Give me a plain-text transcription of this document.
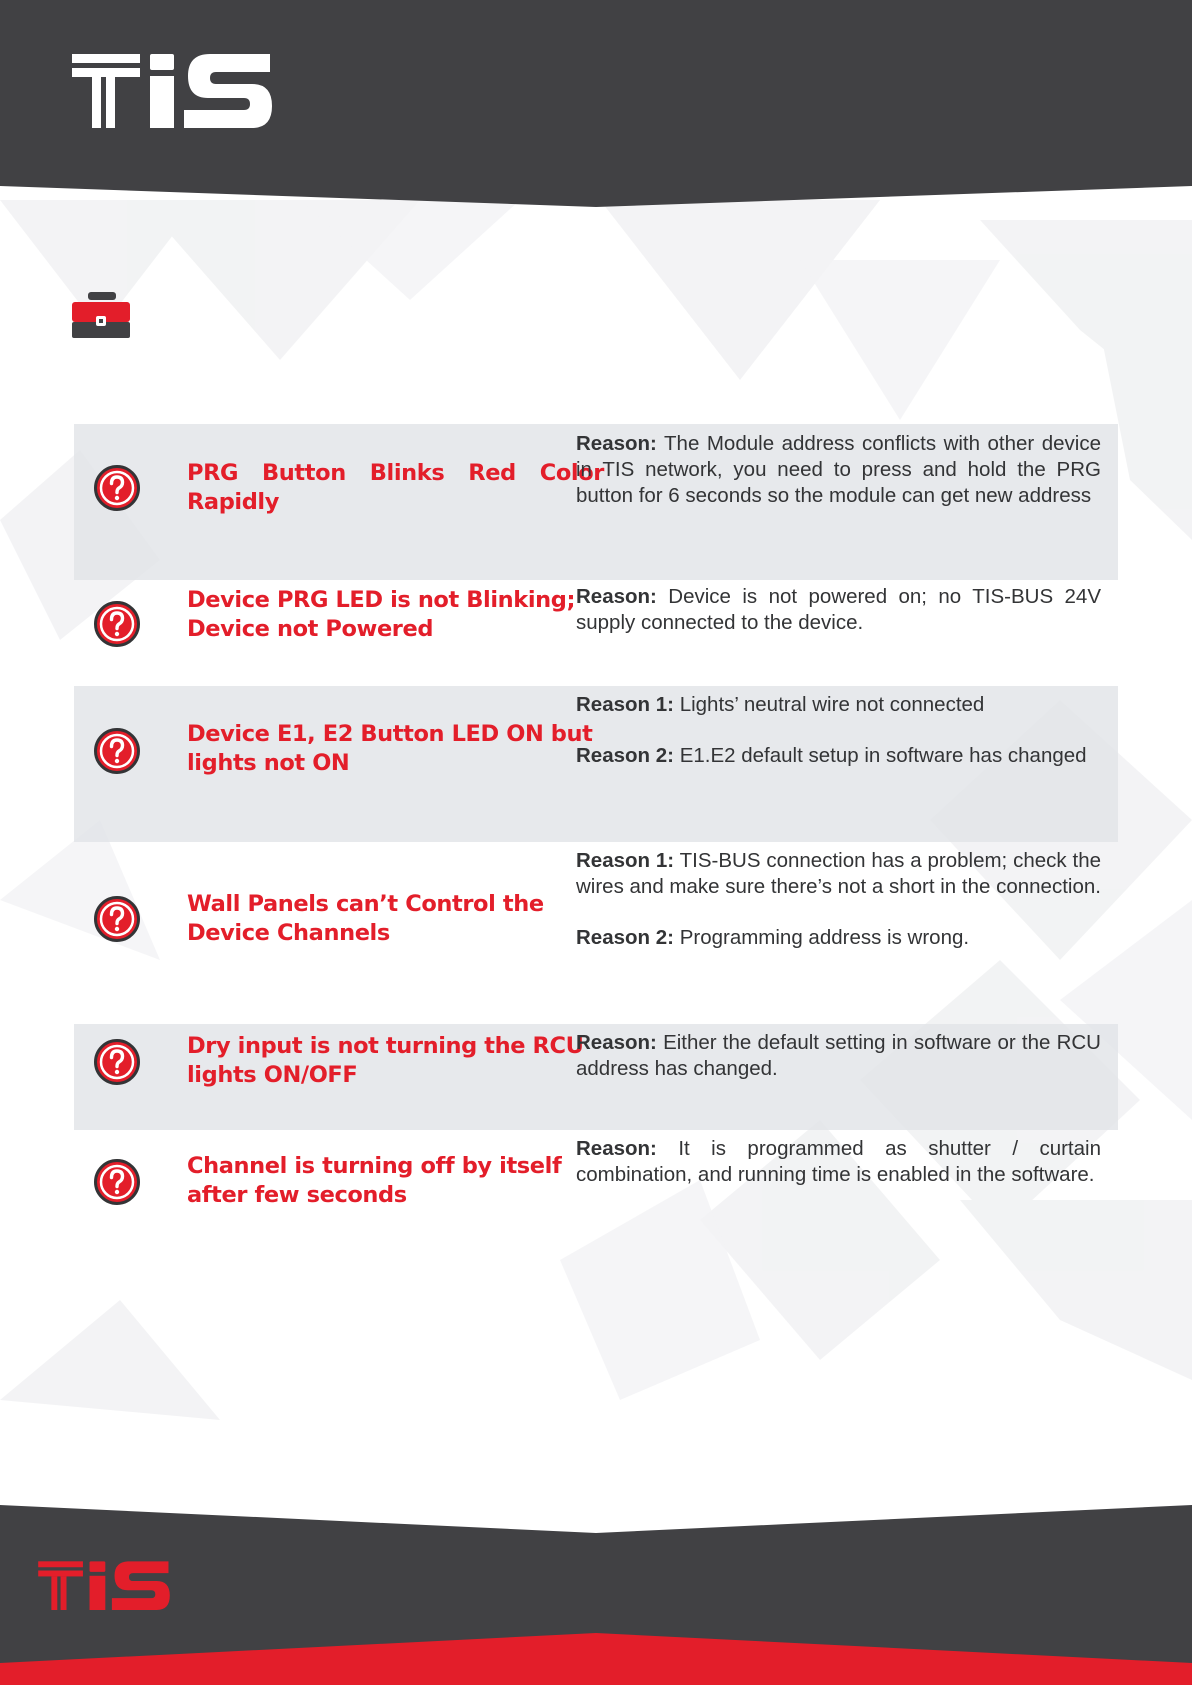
PRG Button Blinks Red Color
Rapidly

Reason: The Module address conflicts with other device in TIS network, you need to press and hold the PRG button for 6 seconds so the module can get new address

Device PRG LED is not Blinking; Device not Powered

Reason: Device is not powered on; no TIS-BUS 24V supply connected to the device.

Device E1, E2 Button LED ON but lights not ON

Reason 1: Lights’ neutral wire not connected

Reason 2: E1.E2 default setup in software has changed

Wall Panels can’t Control the Device Channels

Reason 1: TIS-BUS connection has a problem; check the wires and make sure there’s not a short in the connection.

Reason 2: Programming address is wrong.

Dry input is not turning the RCU lights ON/OFF

Reason: Either the default setting in software or the RCU address has changed.

Channel is turning off by itself after few seconds

Reason: It is programmed as shutter / curtain combination, and running time is enabled in the software.
